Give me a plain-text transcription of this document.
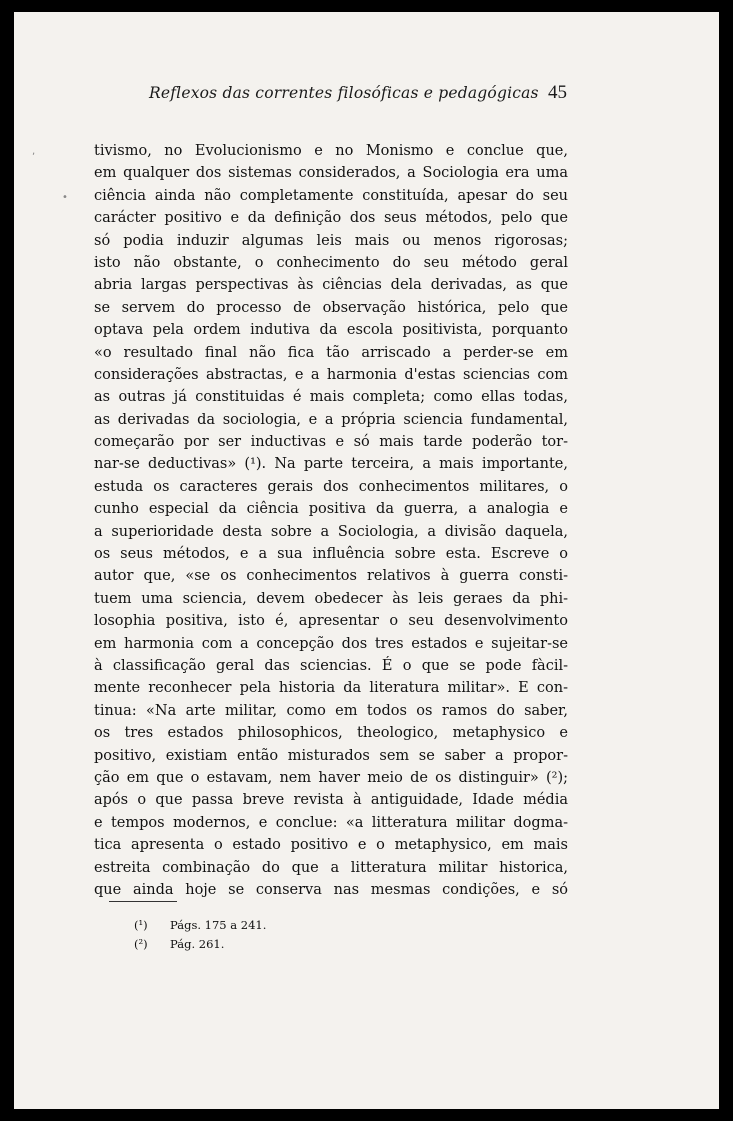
Reflexos das correntes filosóficas e pedagógicas 45
,
•
tivismo, no Evolucionismo e no Monismo e conclue que,
em qualquer dos sistemas considerados, a Sociologia era uma
ciência ainda não completamente constituída, apesar do seu
carácter positivo e da definição dos seus métodos, pelo que
só podia induzir algumas leis mais ou menos rigorosas;
isto não obstante, o conhecimento do seu método geral
abria largas perspectivas às ciências dela derivadas, as que
se servem do processo de observação histórica, pelo que
optava pela ordem indutiva da escola positivista, porquanto
«o resultado final não fica tão arriscado a perder-se em
considerações abstractas, e a harmonia d'estas sciencias com
as outras já constituidas é mais completa; como ellas todas,
as derivadas da sociologia, e a própria sciencia fundamental,
começarão por ser inductivas e só mais tarde poderão tor-
nar-se deductivas» (¹). Na parte terceira, a mais importante,
estuda os caracteres gerais dos conhecimentos militares, o
cunho especial da ciência positiva da guerra, a analogia e
a superioridade desta sobre a Sociologia, a divisão daquela,
os seus métodos, e a sua influência sobre esta. Escreve o
autor que, «se os conhecimentos relativos à guerra consti-
tuem uma sciencia, devem obedecer às leis geraes da phi-
losophia positiva, isto é, apresentar o seu desenvolvimento
em harmonia com a concepção dos tres estados e sujeitar-se
à classificação geral das sciencias. É o que se pode fàcil-
mente reconhecer pela historia da literatura militar». E con-
tinua: «Na arte militar, como em todos os ramos do saber,
os tres estados philosophicos, theologico, metaphysico e
positivo, existiam então misturados sem se saber a propor-
ção em que o estavam, nem haver meio de os distinguir» (²);
após o que passa breve revista à antiguidade, Idade média
e tempos modernos, e conclue: «a litteratura militar dogma-
tica apresenta o estado positivo e o metaphysico, em mais
estreita combinação do que a litteratura militar historica,
que ainda hoje se conserva nas mesmas condições, e só
(¹) Págs. 175 a 241.
(²) Pág. 261.
